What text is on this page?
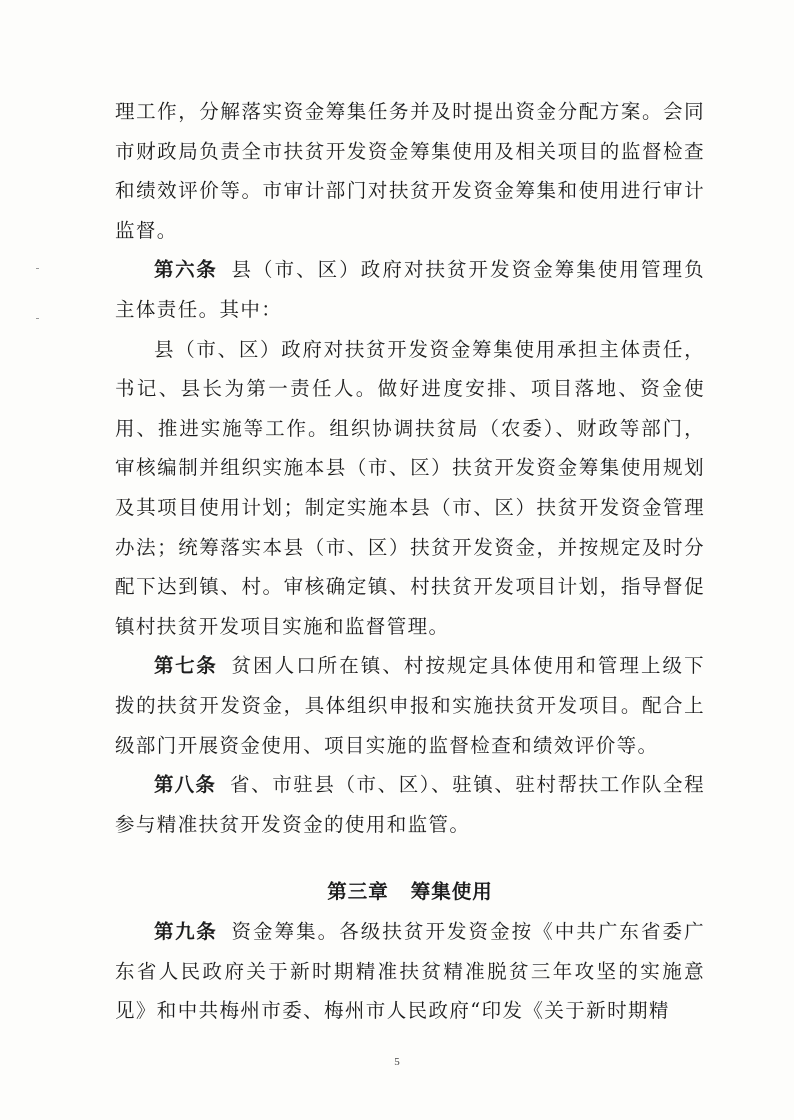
理工作，分解落实资金筹集任务并及时提出资金分配方案。会同市财政局负责全市扶贫开发资金筹集使用及相关项目的监督检查和绩效评价等。市审计部门对扶贫开发资金筹集和使用进行审计监督。

第六条 县（市、区）政府对扶贫开发资金筹集使用管理负主体责任。其中：

县（市、区）政府对扶贫开发资金筹集使用承担主体责任，书记、县长为第一责任人。做好进度安排、项目落地、资金使用、推进实施等工作。组织协调扶贫局（农委）、财政等部门，审核编制并组织实施本县（市、区）扶贫开发资金筹集使用规划及其项目使用计划；制定实施本县（市、区）扶贫开发资金管理办法；统筹落实本县（市、区）扶贫开发资金，并按规定及时分配下达到镇、村。审核确定镇、村扶贫开发项目计划，指导督促镇村扶贫开发项目实施和监督管理。

第七条 贫困人口所在镇、村按规定具体使用和管理上级下拨的扶贫开发资金，具体组织申报和实施扶贫开发项目。配合上级部门开展资金使用、项目实施的监督检查和绩效评价等。

第八条 省、市驻县（市、区）、驻镇、驻村帮扶工作队全程参与精准扶贫开发资金的使用和监管。

第三章 筹集使用

第九条 资金筹集。各级扶贫开发资金按《中共广东省委广东省人民政府关于新时期精准扶贫精准脱贫三年攻坚的实施意见》和中共梅州市委、梅州市人民政府“印发《关于新时期精

5
